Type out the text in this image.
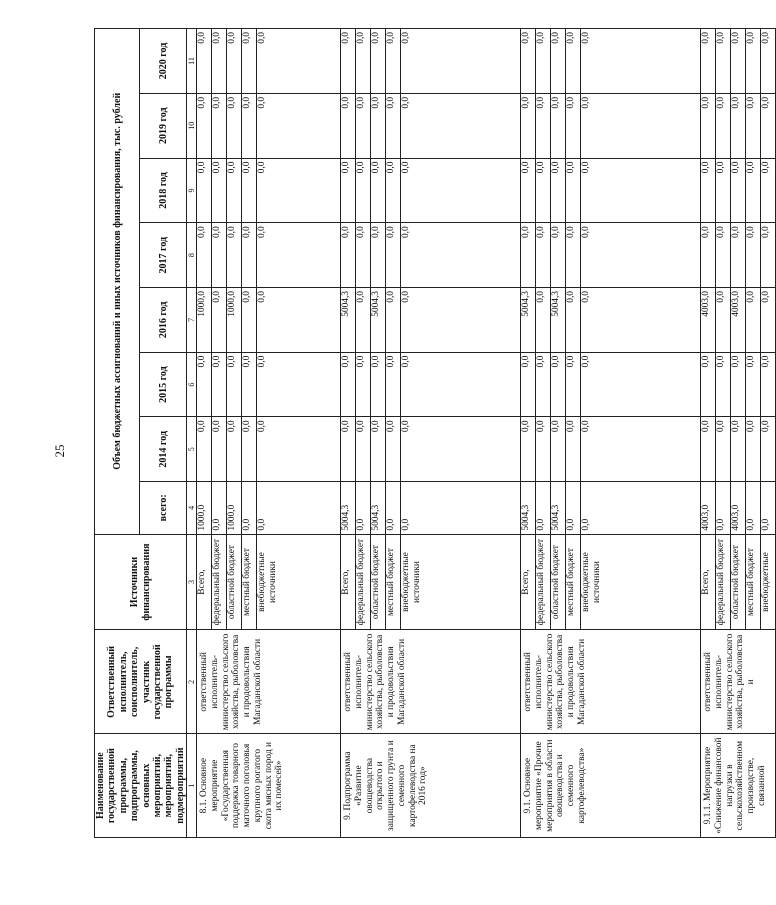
25
Наименование государственной программы, подпрограммы, основных мероприятий, мероприятий, подмероприятий	Ответственный исполнитель, соисполнитель, участник государственной программы	Источники финансирования	Объем бюджетных ассигнований и иных источников финансирования, тыс. рублей							
			всего:	2014 год	2015 год	2016 год	2017 год	2018 год	2019 год	2020 год
1	2	3	4	5	6	7	8	9	10	11
8.1. Основное мероприятие «Государственная поддержка товарного маточного поголовья крупного рогатого скота мясных пород и их помесей»	ответственный исполнитель- министерство сельского хозяйства, рыболовства и продовольствия Магаданской области	Всего,	1000,0	0,0	0,0	1000,0	0,0	0,0	0,0	0,0
		федеральный бюджет	0,0	0,0	0,0	0,0	0,0	0,0	0,0	0,0
		областной бюджет	1000,0	0,0	0,0	1000,0	0,0	0,0	0,0	0,0
		местный бюджет	0,0	0,0	0,0	0,0	0,0	0,0	0,0	0,0
		внебюджетные источники	0,0	0,0	0,0	0,0	0,0	0,0	0,0	0,0
9. Подпрограмма «Развитие овощеводства открытого и защищенного грунта и семенного картофелеводства на 2016 год»	ответственный исполнитель- министерство сельского хозяйства, рыболовства и продовольствия Магаданской области	Всего,	5004,3	0,0	0,0	5004,3	0,0	0,0	0,0	0,0
		федеральный бюджет	0,0	0,0	0,0	0,0	0,0	0,0	0,0	0,0
		областной бюджет	5004,3	0,0	0,0	5004,3	0,0	0,0	0,0	0,0
		местный бюджет	0,0	0,0	0,0	0,0	0,0	0,0	0,0	0,0
		внебюджетные источники	0,0	0,0	0,0	0,0	0,0	0,0	0,0	0,0
9.1. Основное мероприятие «Прочие мероприятия в области овощеводства и семенного картофелеводства»	ответственный исполнитель- министерство сельского хозяйства, рыболовства и продовольствия Магаданской области	Всего,	5004,3	0,0	0,0	5004,3	0,0	0,0	0,0	0,0
		федеральный бюджет	0,0	0,0	0,0	0,0	0,0	0,0	0,0	0,0
		областной бюджет	5004,3	0,0	0,0	5004,3	0,0	0,0	0,0	0,0
		местный бюджет	0,0	0,0	0,0	0,0	0,0	0,0	0,0	0,0
		внебюджетные источники	0,0	0,0	0,0	0,0	0,0	0,0	0,0	0,0
9.1.1. Мероприятие «Снижение финансовой нагрузки в сельскохозяйственном производстве, связанной	ответственный исполнитель- министерство сельского хозяйства, рыболовства и	Всего,	4003,0	0,0	0,0	4003,0	0,0	0,0	0,0	0,0
		федеральный бюджет	0,0	0,0	0,0	0,0	0,0	0,0	0,0	0,0
		областной бюджет	4003,0	0,0	0,0	4003,0	0,0	0,0	0,0	0,0
		местный бюджет	0,0	0,0	0,0	0,0	0,0	0,0	0,0	0,0
		внебюджетные	0,0	0,0	0,0	0,0	0,0	0,0	0,0	0,0
